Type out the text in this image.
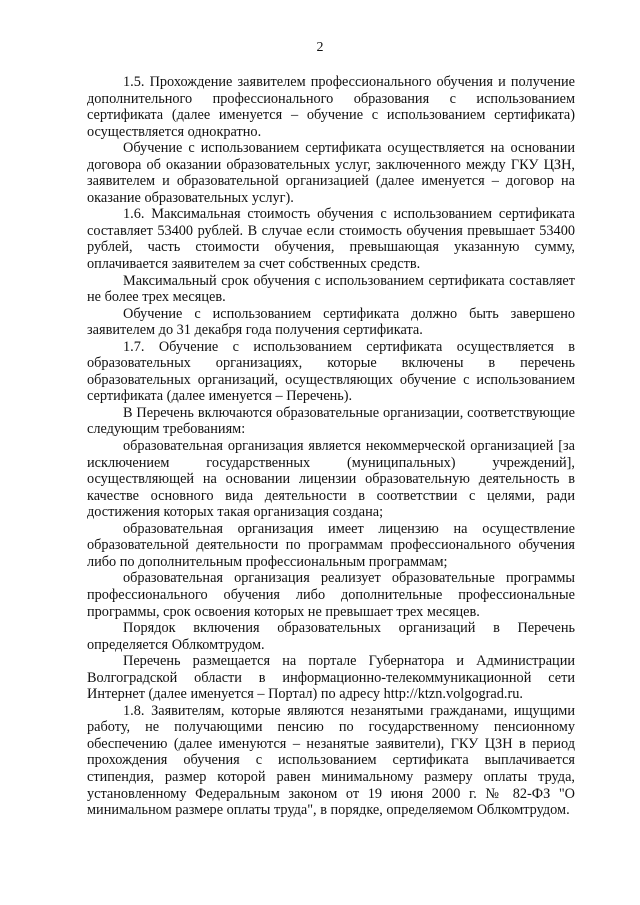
2

1.5. Прохождение заявителем профессионального обучения и получение дополнительного профессионального образования с использованием сертификата (далее именуется – обучение с использованием сертификата) осуществляется однократно.

Обучение с использованием сертификата осуществляется на основании договора об оказании образовательных услуг, заключенного между ГКУ ЦЗН, заявителем и образовательной организацией (далее именуется – договор на оказание образовательных услуг).

1.6. Максимальная стоимость обучения с использованием сертификата составляет 53400 рублей. В случае если стоимость обучения превышает 53400 рублей, часть стоимости обучения, превышающая указанную сумму, оплачивается заявителем за счет собственных средств.

Максимальный срок обучения с использованием сертификата составляет не более трех месяцев.

Обучение с использованием сертификата должно быть завершено заявителем до 31 декабря года получения сертификата.

1.7. Обучение с использованием сертификата осуществляется в образовательных организациях, которые включены в перечень образовательных организаций, осуществляющих обучение с использованием сертификата (далее именуется – Перечень).

В Перечень включаются образовательные организации, соответствующие следующим требованиям:

образовательная организация является некоммерческой организацией [за исключением государственных (муниципальных) учреждений], осуществляющей на основании лицензии образовательную деятельность в качестве основного вида деятельности в соответствии с целями, ради достижения которых такая организация создана;

образовательная организация имеет лицензию на осуществление образовательной деятельности по программам профессионального обучения либо по дополнительным профессиональным программам;

образовательная организация реализует образовательные программы профессионального обучения либо дополнительные профессиональные программы, срок освоения которых не превышает трех месяцев.

Порядок включения образовательных организаций в Перечень определяется Облкомтрудом.

Перечень размещается на портале Губернатора и Администрации Волгоградской области в информационно-телекоммуникационной сети Интернет (далее именуется – Портал) по адресу http://ktzn.volgograd.ru.

1.8. Заявителям, которые являются незанятыми гражданами, ищущими работу, не получающими пенсию по государственному пенсионному обеспечению (далее именуются – незанятые заявители), ГКУ ЦЗН в период прохождения обучения с использованием сертификата выплачивается стипендия, размер которой равен минимальному размеру оплаты труда, установленному Федеральным законом от 19 июня 2000 г. № 82-ФЗ "О минимальном размере оплаты труда", в порядке, определяемом Облкомтрудом.
